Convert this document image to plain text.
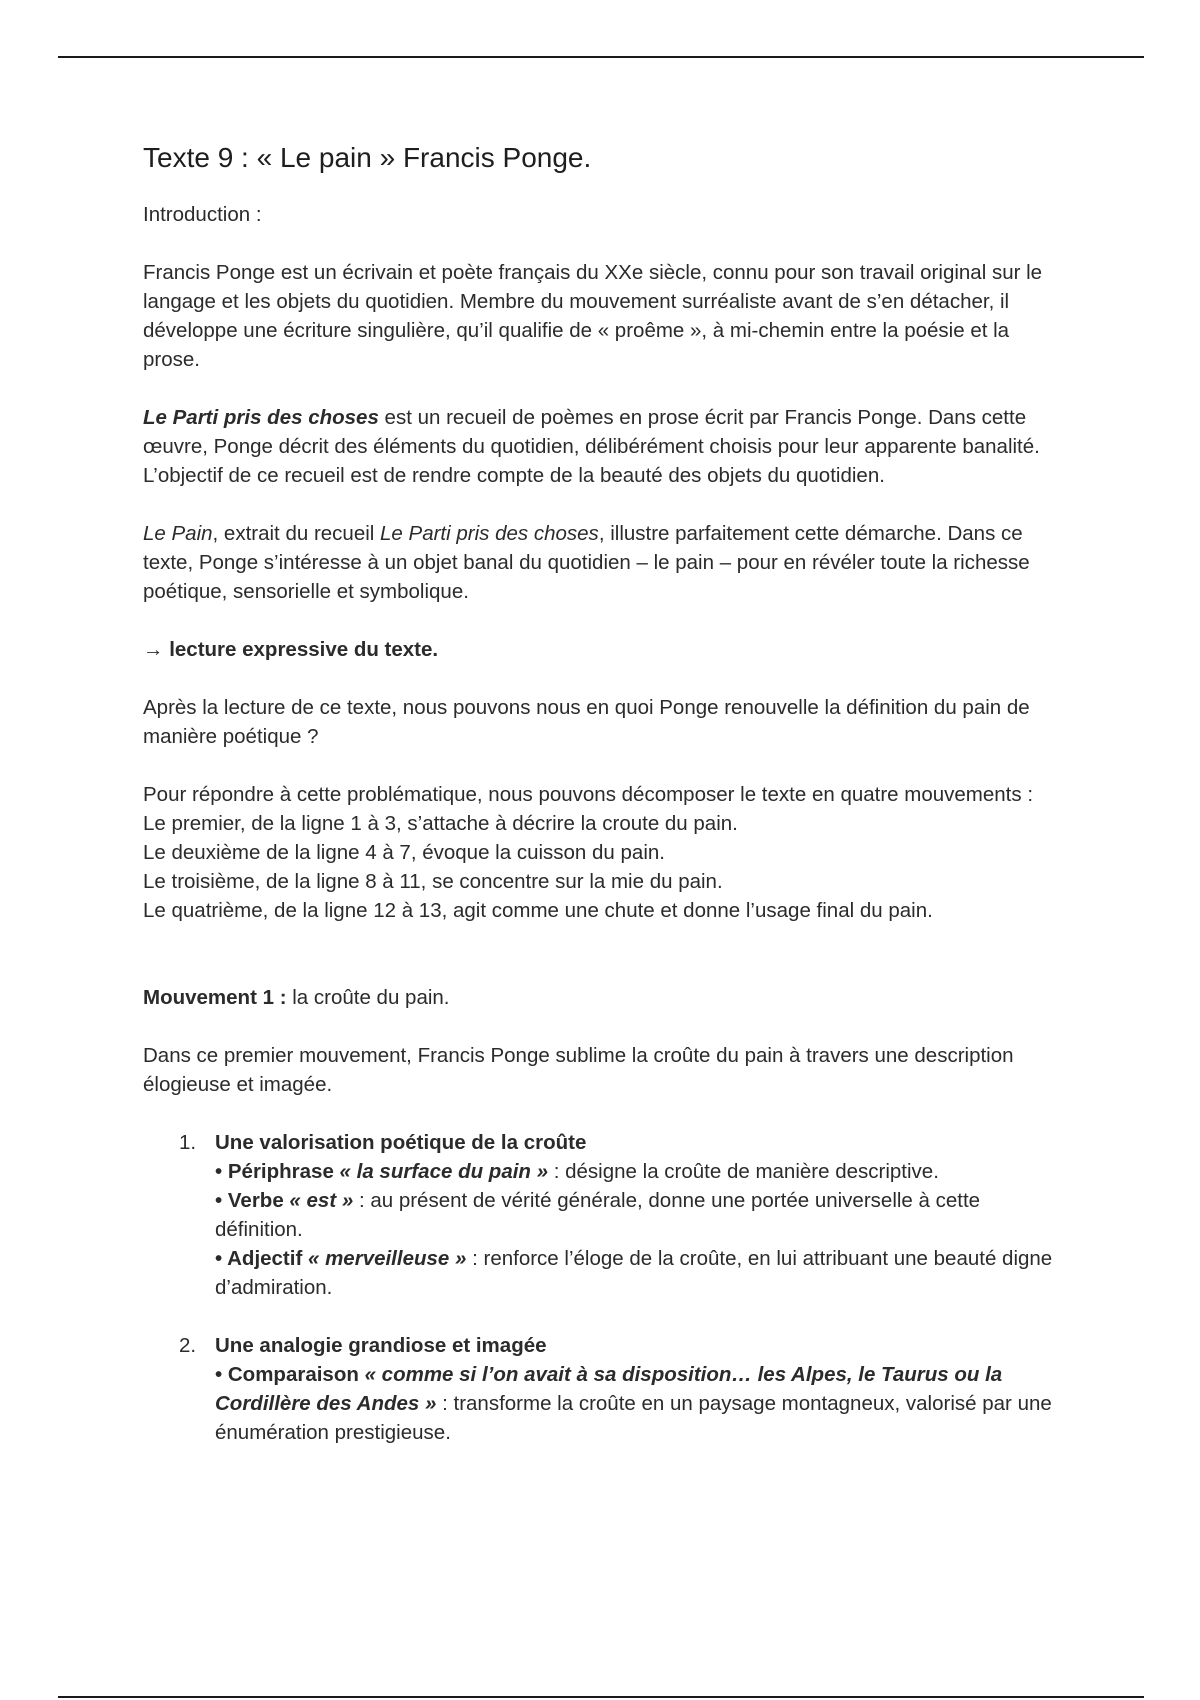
Texte 9 : « Le pain » Francis Ponge.

Introduction :

Francis Ponge est un écrivain et poète français du XXe siècle, connu pour son travail original sur le langage et les objets du quotidien. Membre du mouvement surréaliste avant de s’en détacher, il développe une écriture singulière, qu’il qualifie de « proême », à mi-chemin entre la poésie et la prose.

Le Parti pris des choses est un recueil de poèmes en prose écrit par Francis Ponge. Dans cette œuvre, Ponge décrit des éléments du quotidien, délibérément choisis pour leur apparente banalité. L’objectif de ce recueil est de rendre compte de la beauté des objets du quotidien.

Le Pain, extrait du recueil Le Parti pris des choses, illustre parfaitement cette démarche. Dans ce texte, Ponge s’intéresse à un objet banal du quotidien – le pain – pour en révéler toute la richesse poétique, sensorielle et symbolique.

→ lecture expressive du texte.

Après la lecture de ce texte, nous pouvons nous en quoi Ponge renouvelle la définition du pain de manière poétique ?

Pour répondre à cette problématique, nous pouvons décomposer le texte en quatre mouvements :
Le premier, de la ligne 1 à 3, s’attache à décrire la croute du pain.
Le deuxième de la ligne 4 à 7, évoque la cuisson du pain.
Le troisième, de la ligne 8 à 11, se concentre sur la mie du pain.
Le quatrième, de la ligne 12 à 13, agit comme une chute et donne l’usage final du pain.

Mouvement 1 : la croûte du pain.

Dans ce premier mouvement, Francis Ponge sublime la croûte du pain à travers une description élogieuse et imagée.

1. Une valorisation poétique de la croûte
• Périphrase « la surface du pain » : désigne la croûte de manière descriptive.
• Verbe « est » : au présent de vérité générale, donne une portée universelle à cette définition.
• Adjectif « merveilleuse » : renforce l’éloge de la croûte, en lui attribuant une beauté digne d’admiration.
2. Une analogie grandiose et imagée
• Comparaison « comme si l’on avait à sa disposition… les Alpes, le Taurus ou la Cordillère des Andes » : transforme la croûte en un paysage montagneux, valorisé par une énumération prestigieuse.
